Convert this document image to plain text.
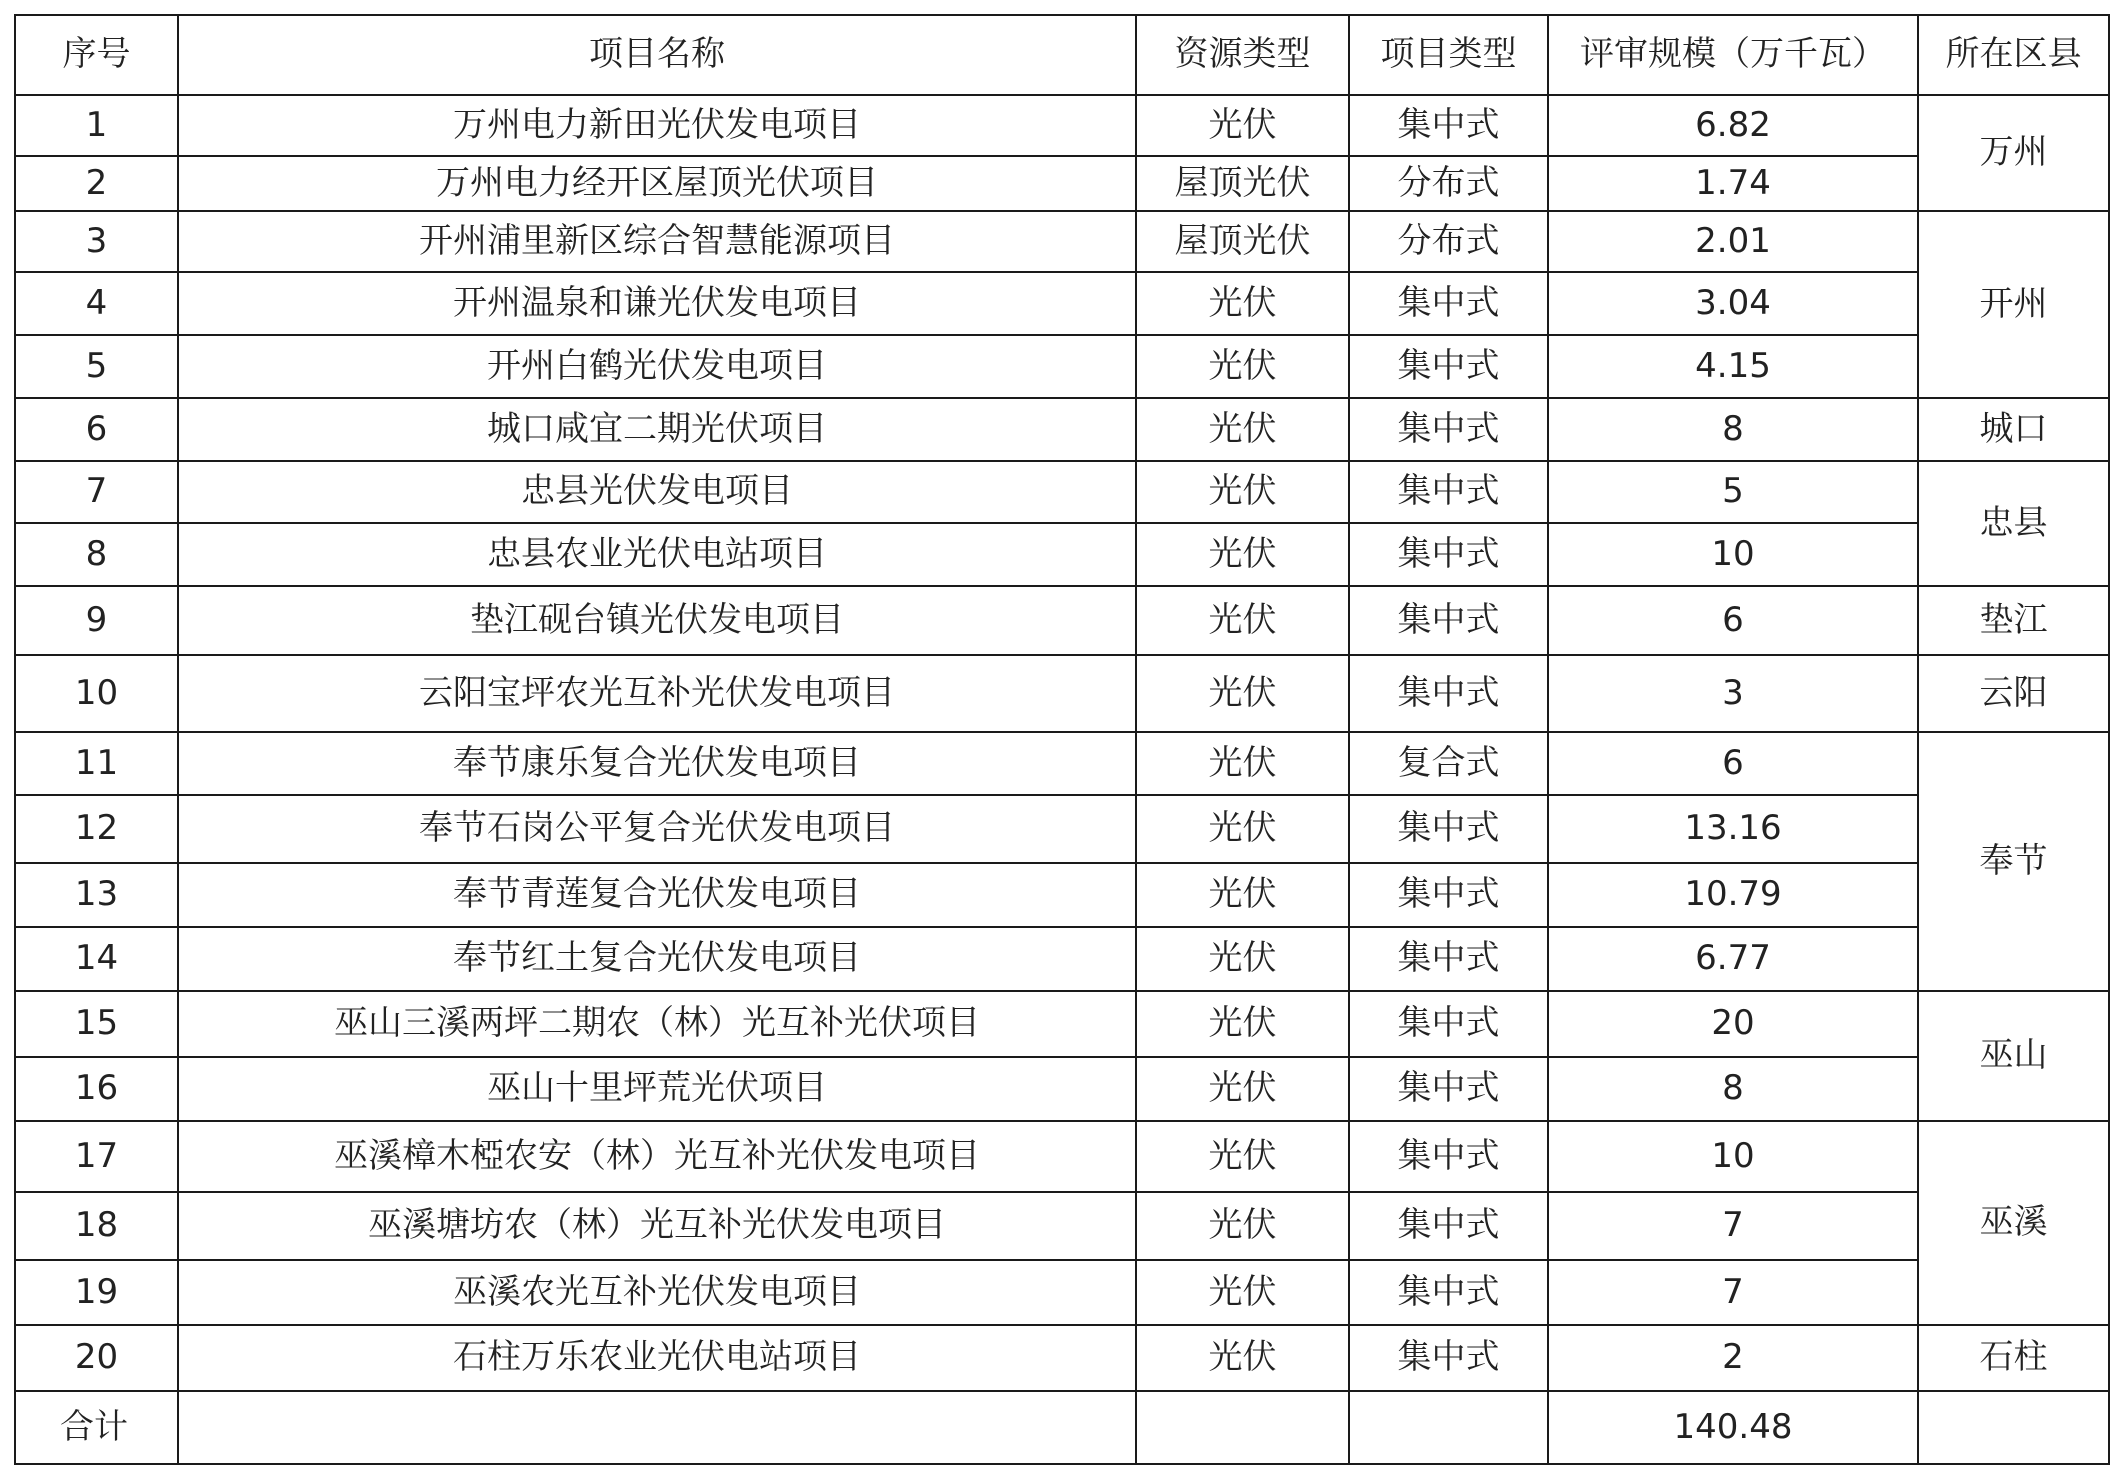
序号	项目名称	资源类型	项目类型	评审规模（万千瓦）	所在区县
1	万州电力新田光伏发电项目	光伏	集中式	6.82	万州
2	万州电力经开区屋顶光伏项目	屋顶光伏	分布式	1.74	
3	开州浦里新区综合智慧能源项目	屋顶光伏	分布式	2.01	开州
4	开州温泉和谦光伏发电项目	光伏	集中式	3.04	
5	开州白鹤光伏发电项目	光伏	集中式	4.15	
6	城口咸宜二期光伏项目	光伏	集中式	8	城口
7	忠县光伏发电项目	光伏	集中式	5	忠县
8	忠县农业光伏电站项目	光伏	集中式	10	
9	垫江砚台镇光伏发电项目	光伏	集中式	6	垫江
10	云阳宝坪农光互补光伏发电项目	光伏	集中式	3	云阳
11	奉节康乐复合光伏发电项目	光伏	复合式	6	奉节
12	奉节石岗公平复合光伏发电项目	光伏	集中式	13.16	
13	奉节青莲复合光伏发电项目	光伏	集中式	10.79	
14	奉节红土复合光伏发电项目	光伏	集中式	6.77	
15	巫山三溪两坪二期农（林）光互补光伏项目	光伏	集中式	20	巫山
16	巫山十里坪荒光伏项目	光伏	集中式	8	
17	巫溪樟木椏农安（林）光互补光伏发电项目	光伏	集中式	10	巫溪
18	巫溪塘坊农（林）光互补光伏发电项目	光伏	集中式	7	
19	巫溪农光互补光伏发电项目	光伏	集中式	7	
20	石柱万乐农业光伏电站项目	光伏	集中式	2	石柱
合计				140.48	
